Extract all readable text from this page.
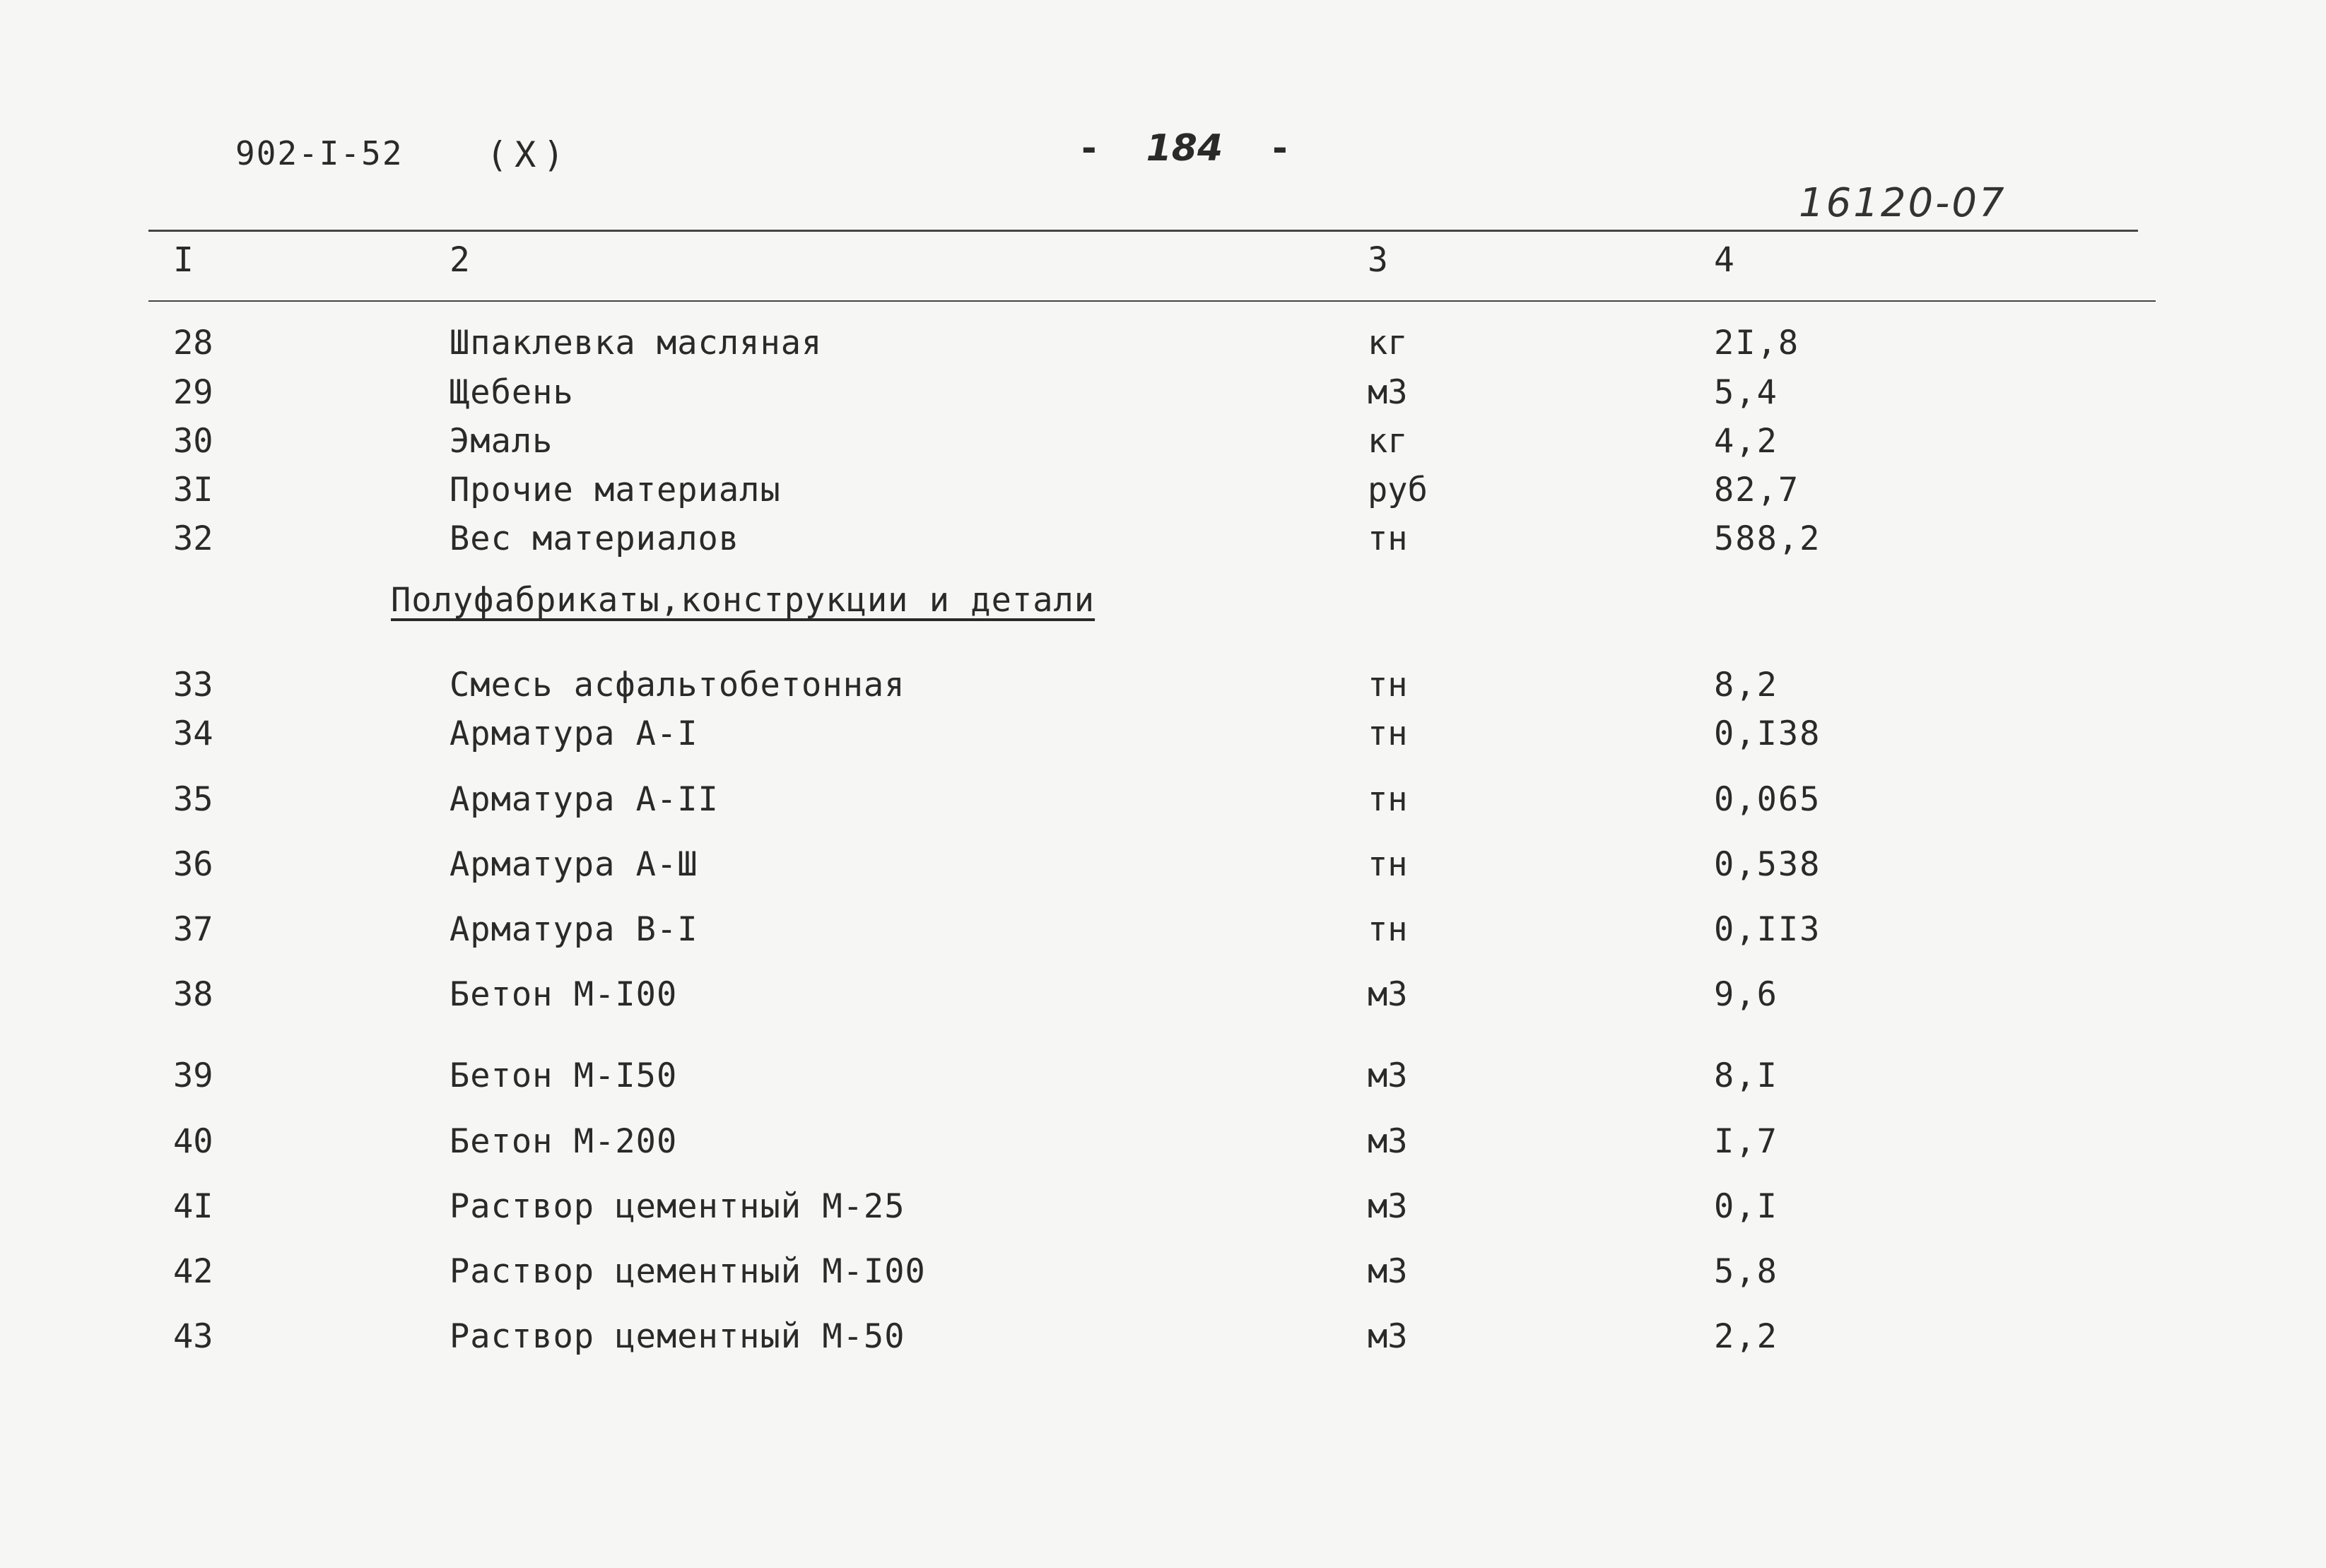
902-I-52 (X)	- 184 -
16120-07
I	2	3	4
28	Шпаклевка масляная	кг	2I,8
29	Щебень	м3	5,4
30	Эмаль	кг	4,2
3I	Прочие материалы	руб	82,7
32	Вес материалов	тн	588,2
Полуфабрикаты,конструкции и детали
33	Смесь асфальтобетонная	тн	8,2
34	Арматура А-I	тн	0,I38
35	Арматура А-II	тн	0,065
36	Арматура А-Ш	тн	0,538
37	Арматура В-I	тн	0,II3
38	Бетон М-I00	м3	9,6
39	Бетон М-I50	м3	8,I
40	Бетон М-200	м3	I,7
4I	Раствор цементный М-25	м3	0,I
42	Раствор цементный М-I00	м3	5,8
43	Раствор цементный М-50	м3	2,2
